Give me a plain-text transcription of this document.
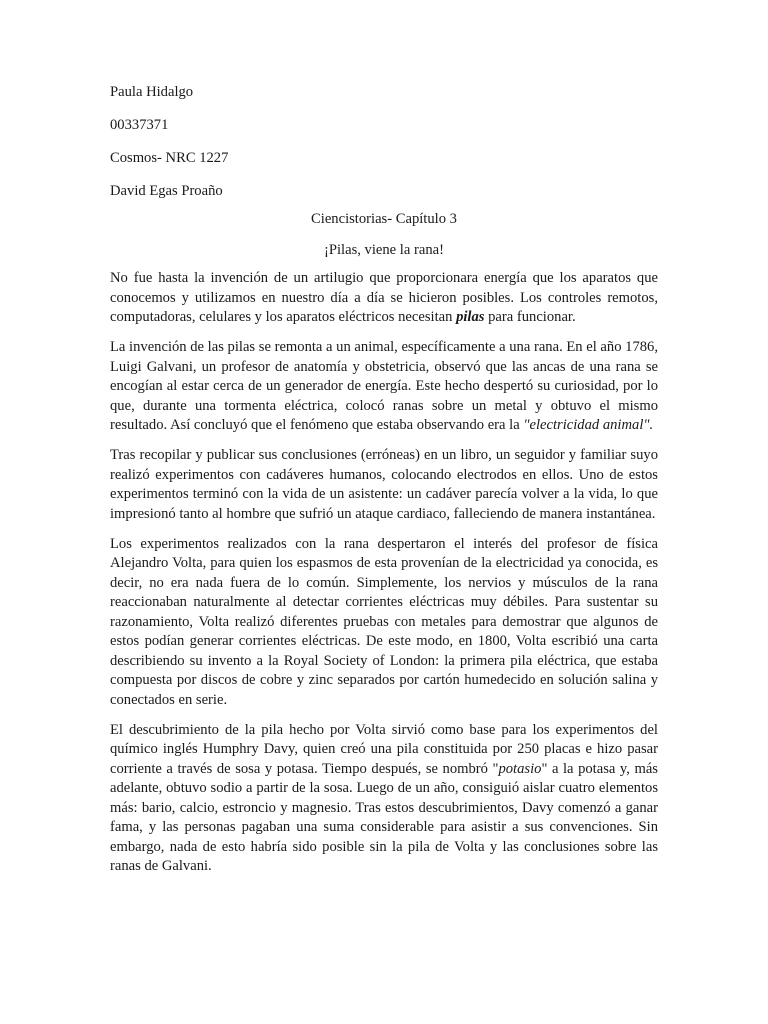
Paula Hidalgo

00337371

Cosmos- NRC 1227

David Egas Proaño

Ciencistorias- Capítulo 3

¡Pilas, viene la rana!

No fue hasta la invención de un artilugio que proporcionara energía que los aparatos que conocemos y utilizamos en nuestro día a día se hicieron posibles. Los controles remotos, computadoras, celulares y los aparatos eléctricos necesitan pilas para funcionar.

La invención de las pilas se remonta a un animal, específicamente a una rana. En el año 1786, Luigi Galvani, un profesor de anatomía y obstetricia, observó que las ancas de una rana se encogían al estar cerca de un generador de energía. Este hecho despertó su curiosidad, por lo que, durante una tormenta eléctrica, colocó ranas sobre un metal y obtuvo el mismo resultado. Así concluyó que el fenómeno que estaba observando era la "electricidad animal".

Tras recopilar y publicar sus conclusiones (erróneas) en un libro, un seguidor y familiar suyo realizó experimentos con cadáveres humanos, colocando electrodos en ellos. Uno de estos experimentos terminó con la vida de un asistente: un cadáver parecía volver a la vida, lo que impresionó tanto al hombre que sufrió un ataque cardiaco, falleciendo de manera instantánea.

Los experimentos realizados con la rana despertaron el interés del profesor de física Alejandro Volta, para quien los espasmos de esta provenían de la electricidad ya conocida, es decir, no era nada fuera de lo común. Simplemente, los nervios y músculos de la rana reaccionaban naturalmente al detectar corrientes eléctricas muy débiles. Para sustentar su razonamiento, Volta realizó diferentes pruebas con metales para demostrar que algunos de estos podían generar corrientes eléctricas. De este modo, en 1800, Volta escribió una carta describiendo su invento a la Royal Society of London: la primera pila eléctrica, que estaba compuesta por discos de cobre y zinc separados por cartón humedecido en solución salina y conectados en serie.

El descubrimiento de la pila hecho por Volta sirvió como base para los experimentos del químico inglés Humphry Davy, quien creó una pila constituida por 250 placas e hizo pasar corriente a través de sosa y potasa. Tiempo después, se nombró "potasio" a la potasa y, más adelante, obtuvo sodio a partir de la sosa. Luego de un año, consiguió aislar cuatro elementos más: bario, calcio, estroncio y magnesio. Tras estos descubrimientos, Davy comenzó a ganar fama, y las personas pagaban una suma considerable para asistir a sus convenciones. Sin embargo, nada de esto habría sido posible sin la pila de Volta y las conclusiones sobre las ranas de Galvani.
